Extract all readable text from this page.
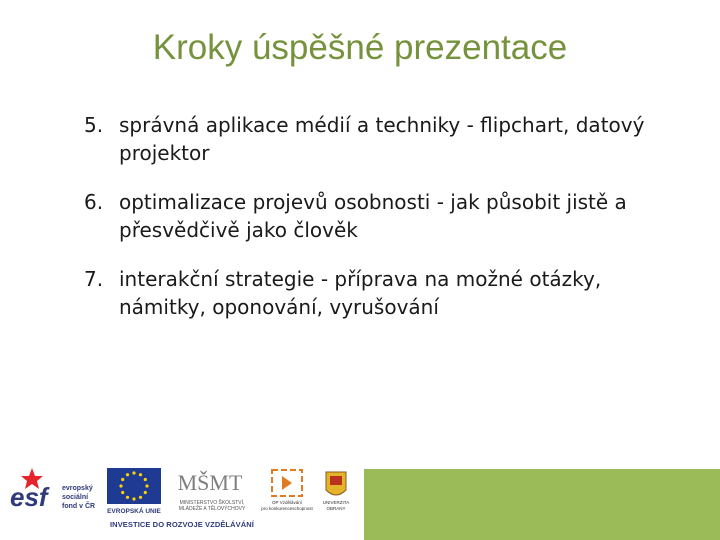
Kroky úspěšné prezentace
5. správná aplikace médií a techniky - flipchart, datový
projektor
6. optimalizace projevů osobnosti - jak působit jistě a
přesvědčivě jako člověk
7. interakční strategie - příprava na možné otázky,
námitky, oponování, vyrušování
esf	evropský
sociální
fond v ČR
EVROPSKÁ UNIE
MŠMT
MINISTERSTVO ŠKOLSTVÍ,
MLÁDEŽE A TĚLOVÝCHOVY
OP Vzdělávání
pro konkurenceschopnost
UNIVERZITA
OBRANY
INVESTICE DO ROZVOJE VZDĚLÁVÁNÍ
